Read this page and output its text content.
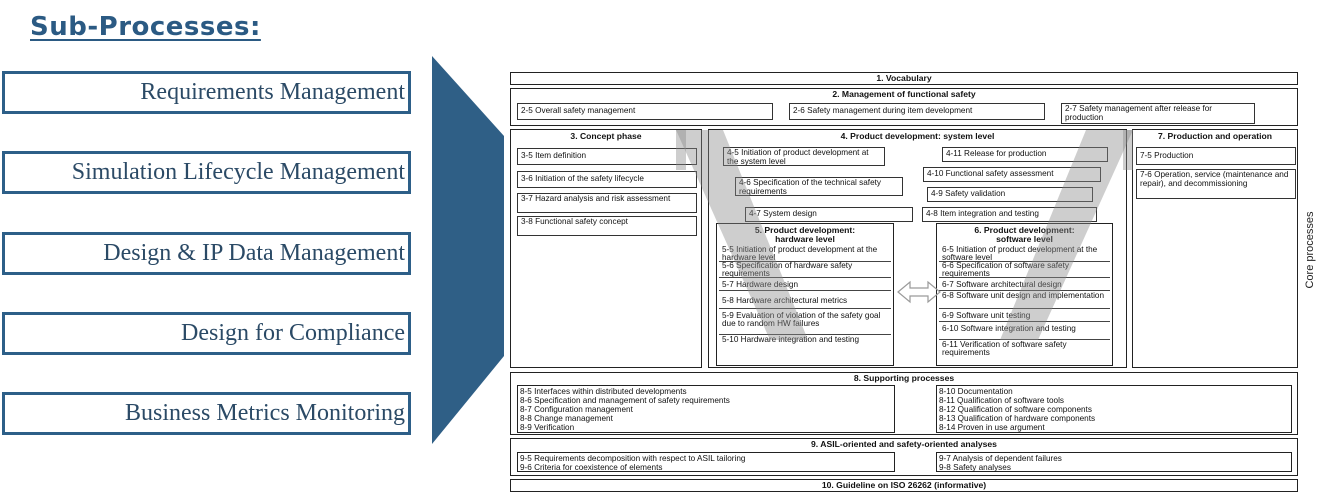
Sub-Processes:
Requirements Management
Simulation Lifecycle Management
Design & IP Data Management
Design for Compliance
Business Metrics Monitoring
1. Vocabulary
2. Management of functional safety
2-5 Overall safety management	2-6 Safety management during item development	2-7 Safety management after release for production
3. Concept phase
3-5 Item definition
3-6 Initiation of the safety lifecycle
3-7 Hazard analysis and risk assessment
3-8 Functional safety concept
4. Product development: system level
4-5 Initiation of product development at the system level
4-11 Release for production
4-10 Functional safety assessment
4-6 Specification of the technical safety requirements	4-9 Safety validation
4-7 System design	4-8 Item integration and testing
5. Product development:
hardware level
5-5 Initiation of product development at the hardware level
5-6 Specification of hardware safety requirements
5-7 Hardware design
5-8 Hardware architectural metrics
5-9 Evaluation of violation of the safety goal due to random HW failures
5-10 Hardware integration and testing
6. Product development:
software level
6-5 Initiation of product development at the software level
6-6 Specification of software safety requirements
6-7 Software architectural design
6-8 Software unit design and implementation
6-9 Software unit testing
6-10 Software integration and testing
6-11 Verification of software safety requirements
7. Production and operation
7-5 Production
7-6 Operation, service (maintenance and repair), and decommissioning
8. Supporting processes
8-5 Interfaces within distributed developments
8-6 Specification and management of safety requirements
8-7 Configuration management
8-8 Change management
8-9 Verification
8-10 Documentation
8-11 Qualification of software tools
8-12 Qualification of software components
8-13 Qualification of hardware components
8-14 Proven in use argument
9. ASIL-oriented and safety-oriented analyses
9-5 Requirements decomposition with respect to ASIL tailoring
9-6 Criteria for coexistence of elements
9-7 Analysis of dependent failures
9-8 Safety analyses
10. Guideline on ISO 26262 (informative)
Core processes
